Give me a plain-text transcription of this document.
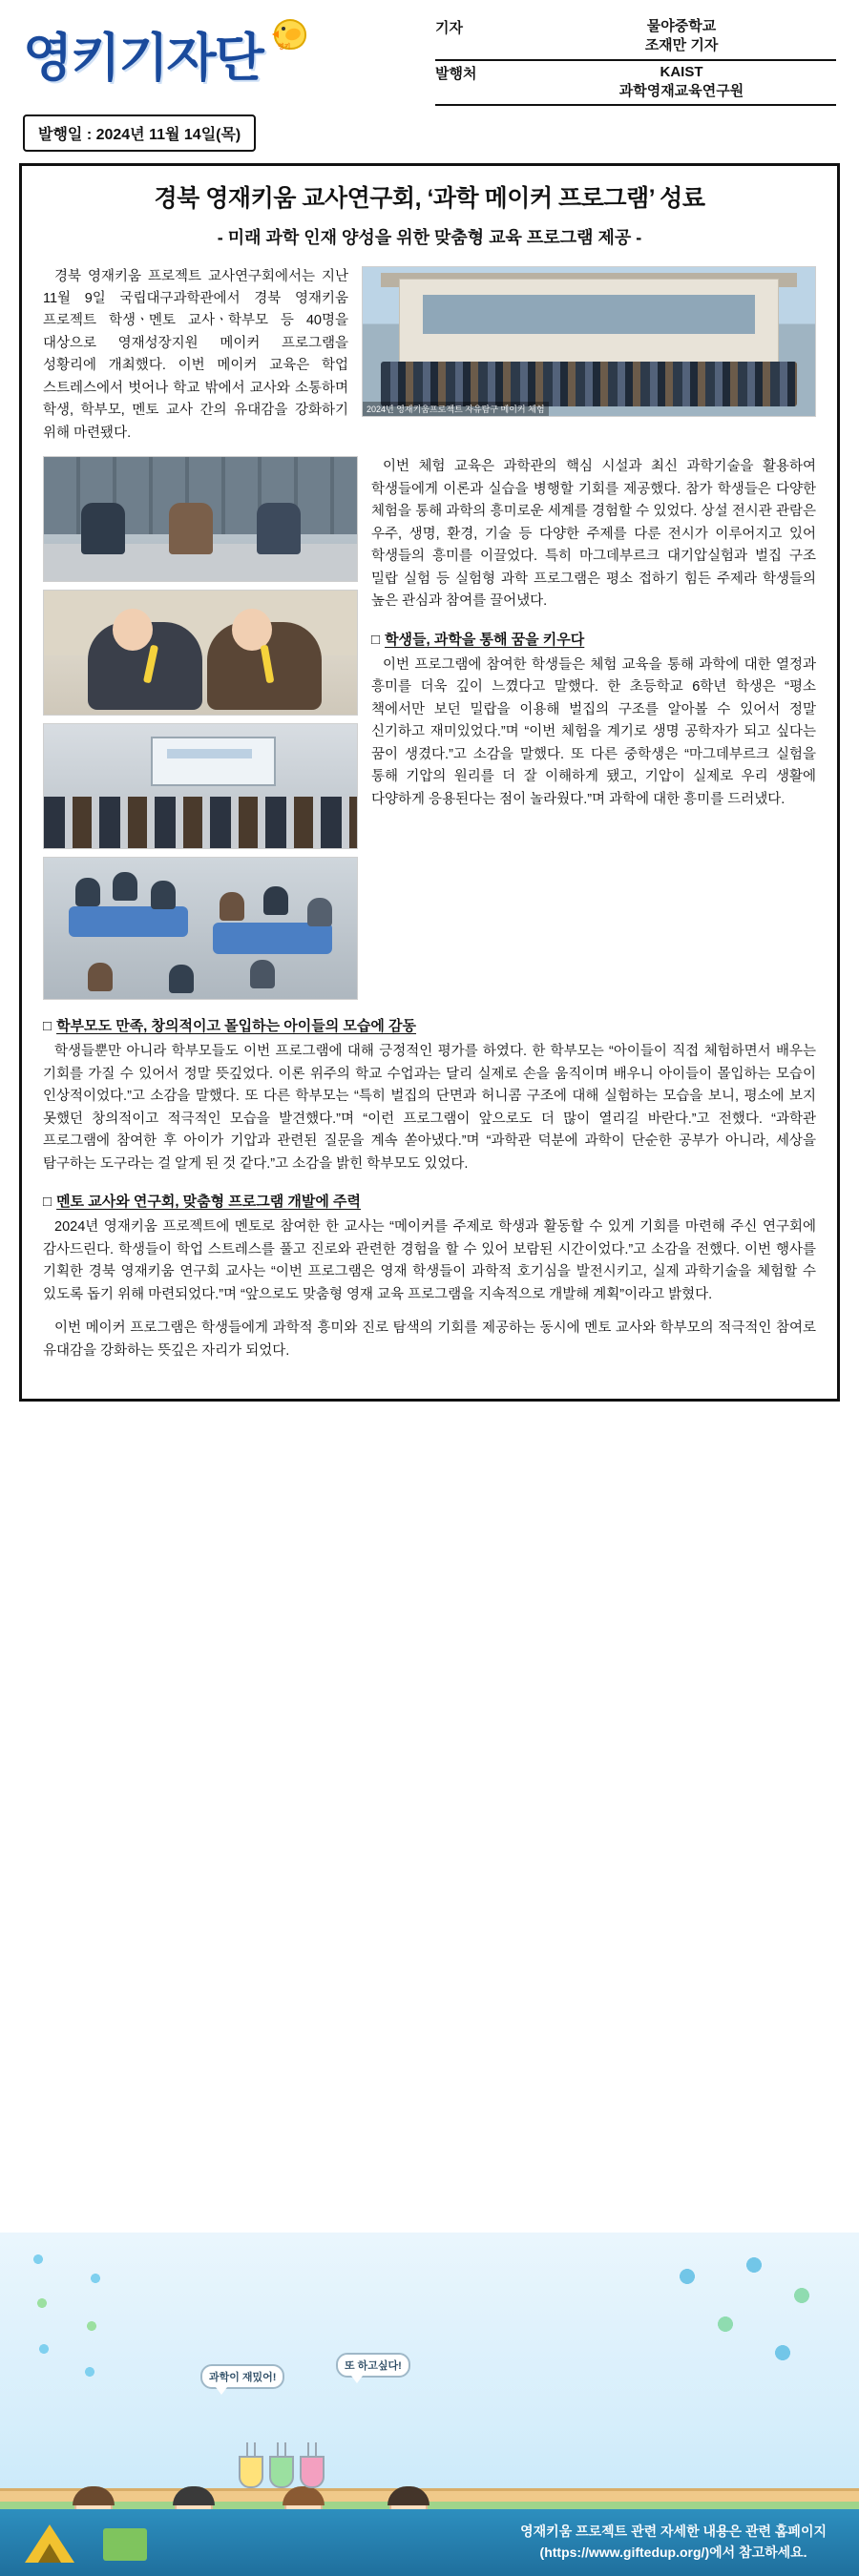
영키기자단 영키
기자	물야중학교
조재만 기자
발행처	KAIST
과학영재교육연구원
발행일 : 2024년 11월 14일(목)
경북 영재키움 교사연구회, ‘과학 메이커 프로그램’ 성료
- 미래 과학 인재 양성을 위한 맞춤형 교육 프로그램 제공 -

경북 영재키움 프로젝트 교사연구회에서는 지난 11월 9일 국립대구과학관에서 경북 영재키움 프로젝트 학생ㆍ멘토 교사ㆍ학부모 등 40명을 대상으로 영재성장지원 메이커 프로그램을 성황리에 개최했다. 이번 메이커 교육은 학업 스트레스에서 벗어나 학교 밖에서 교사와 소통하며 학생, 학부모, 멘토 교사 간의 유대감을 강화하기 위해 마련됐다.

2024년 영재키움프로젝트 자유탐구 메이커 체험

이번 체험 교육은 과학관의 핵심 시설과 최신 과학기술을 활용하여 학생들에게 이론과 실습을 병행할 기회를 제공했다. 참가 학생들은 다양한 체험을 통해 과학의 흥미로운 세계를 경험할 수 있었다. 상설 전시관 관람은 우주, 생명, 환경, 기술 등 다양한 주제를 다룬 전시가 이루어지고 있어 학생들의 흥미를 이끌었다. 특히 마그데부르크 대기압실험과 벌집 구조 밀랍 실험 등 실험형 과학 프로그램은 평소 접하기 힘든 주제라 학생들의 높은 관심과 참여를 끌어냈다.

□ 학생들, 과학을 통해 꿈을 키우다

이번 프로그램에 참여한 학생들은 체험 교육을 통해 과학에 대한 열정과 흥미를 더욱 깊이 느꼈다고 말했다. 한 초등학교 6학년 학생은 “평소 책에서만 보던 밀랍을 이용해 벌집의 구조를 알아볼 수 있어서 정말 신기하고 재미있었다.”며 “이번 체험을 계기로 생명 공학자가 되고 싶다는 꿈이 생겼다.”고 소감을 말했다. 또 다른 중학생은 “마그데부르크 실험을 통해 기압의 원리를 더 잘 이해하게 됐고, 기압이 실제로 우리 생활에 다양하게 응용된다는 점이 놀라웠다.”며 과학에 대한 흥미를 드러냈다.

□ 학부모도 만족, 창의적이고 몰입하는 아이들의 모습에 감동

학생들뿐만 아니라 학부모들도 이번 프로그램에 대해 긍정적인 평가를 하였다. 한 학부모는 “아이들이 직접 체험하면서 배우는 기회를 가질 수 있어서 정말 뜻깊었다. 이론 위주의 학교 수업과는 달리 실제로 손을 움직이며 배우니 아이들이 몰입하는 모습이 인상적이었다.”고 소감을 말했다. 또 다른 학부모는 “특히 벌집의 단면과 허니콤 구조에 대해 실험하는 모습을 보니, 평소에 보지 못했던 창의적이고 적극적인 모습을 발견했다.”며 “이런 프로그램이 앞으로도 더 많이 열리길 바란다.”고 전했다. “과학관 프로그램에 참여한 후 아이가 기압과 관련된 질문을 계속 쏟아냈다.”며 “과학관 덕분에 과학이 단순한 공부가 아니라, 세상을 탐구하는 도구라는 걸 알게 된 것 같다.”고 소감을 밝힌 학부모도 있었다.

□ 멘토 교사와 연구회, 맞춤형 프로그램 개발에 주력

2024년 영재키움 프로젝트에 멘토로 참여한 한 교사는 “메이커를 주제로 학생과 활동할 수 있게 기회를 마련해 주신 연구회에 감사드린다. 학생들이 학업 스트레스를 풀고 진로와 관련한 경험을 할 수 있어 보람된 시간이었다.”고 소감을 전했다. 이번 행사를 기획한 경북 영재키움 연구회 교사는 “이번 프로그램은 영재 학생들이 과학적 호기심을 발전시키고, 실제 과학기술을 체험할 수 있도록 돕기 위해 마련되었다.”며 “앞으로도 맞춤형 영재 교육 프로그램을 지속적으로 개발해 계획”이라고 밝혔다.

이번 메이커 프로그램은 학생들에게 과학적 흥미와 진로 탐색의 기회를 제공하는 동시에 멘토 교사와 학부모의 적극적인 참여로 유대감을 강화하는 뜻깊은 자리가 되었다.

과학이 재밌어!
또 하고싶다!
영재키움 프로젝트 관련 자세한 내용은 관련 홈페이지
(https://www.giftedup.org/)에서 참고하세요.
